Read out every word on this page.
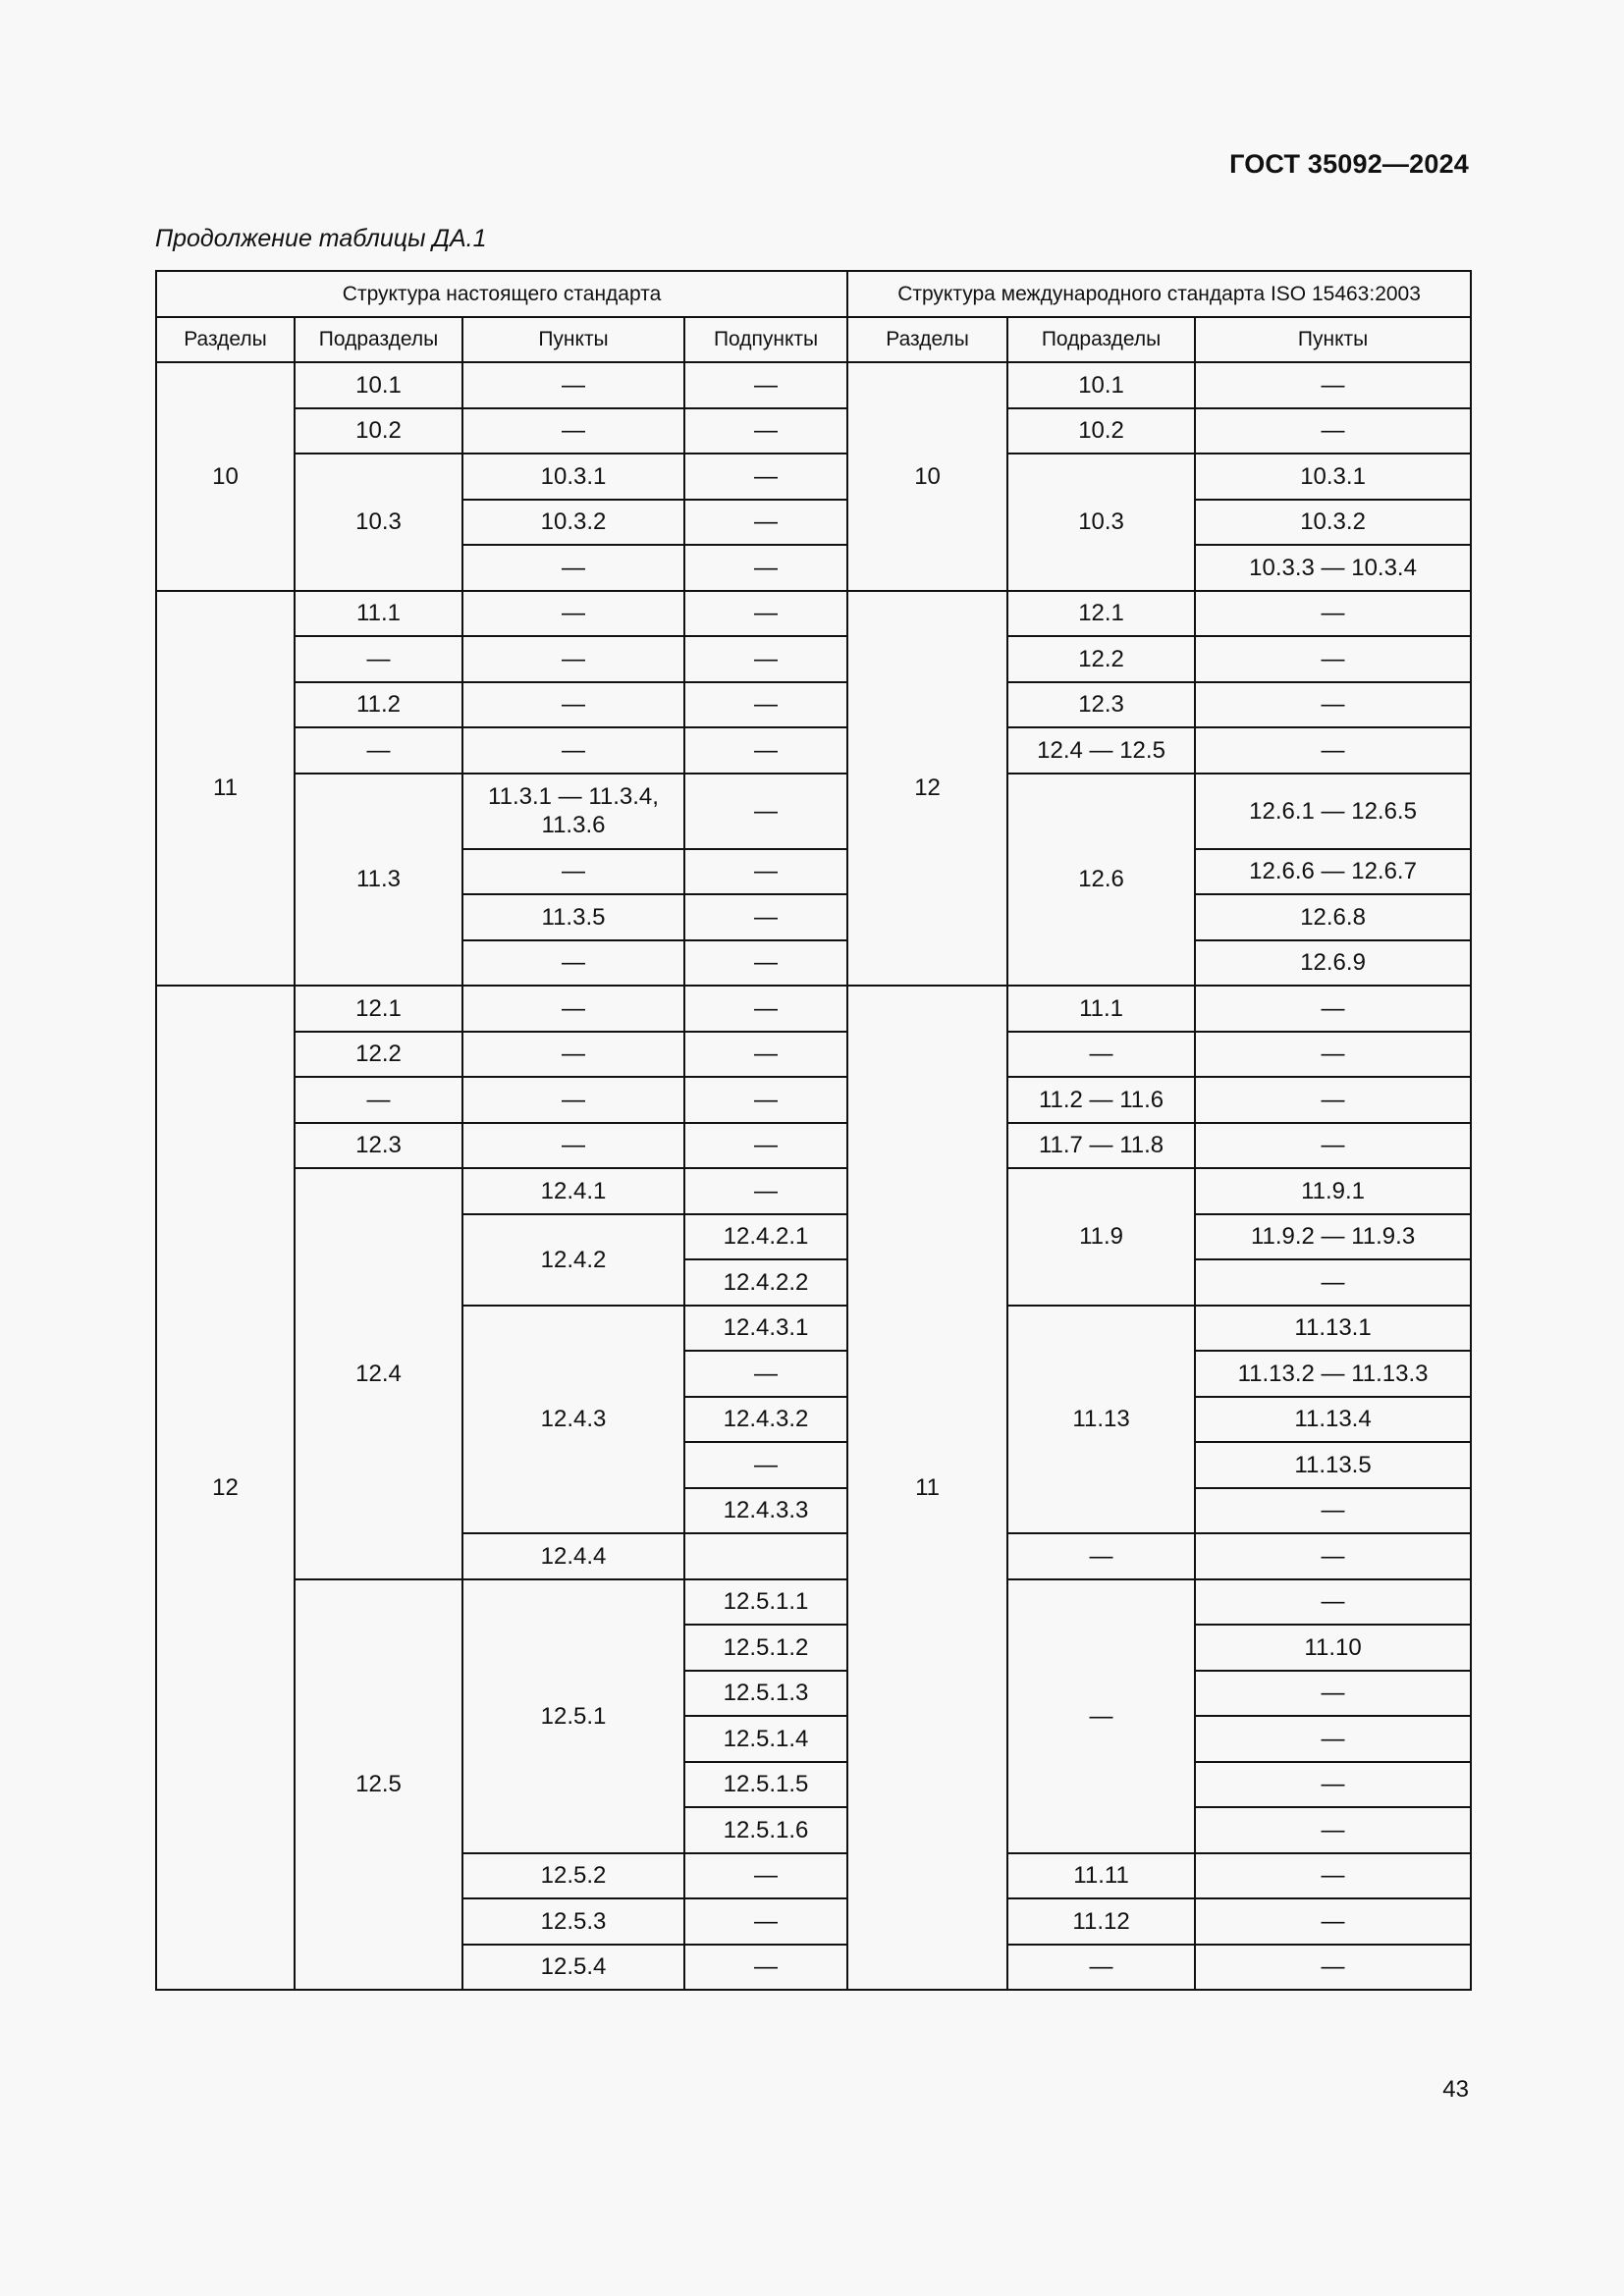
ГОСТ 35092—2024
Продолжение таблицы ДА.1
Структура настоящего стандарта				Структура международного стандарта ISO 15463:2003		
Разделы	Подразделы	Пункты	Подпункты	Разделы	Подразделы	Пункты
10	10.1	—	—	10	10.1	—
	10.2	—	—		10.2	—
	10.3	10.3.1	—		10.3	10.3.1
		10.3.2	—			10.3.2
		—	—			10.3.3 — 10.3.4
11	11.1	—	—	12	12.1	—
	—	—	—		12.2	—
	11.2	—	—		12.3	—
	—	—	—		12.4 — 12.5	—
	11.3	11.3.1 — 11.3.4, 11.3.6	—		12.6	12.6.1 — 12.6.5
		—	—			12.6.6 — 12.6.7
		11.3.5	—			12.6.8
		—	—			12.6.9
12	12.1	—	—	11	11.1	—
	12.2	—	—		—	—
	—	—	—		11.2 — 11.6	—
	12.3	—	—		11.7 — 11.8	—
	12.4	12.4.1	—		11.9	11.9.1
		12.4.2	12.4.2.1			11.9.2 — 11.9.3
			12.4.2.2			—
		12.4.3	12.4.3.1		11.13	11.13.1
			—			11.13.2 — 11.13.3
			12.4.3.2			11.13.4
			—			11.13.5
			12.4.3.3			—
		12.4.4			—	—
	12.5	12.5.1	12.5.1.1		—	—
			12.5.1.2			11.10
			12.5.1.3			—
			12.5.1.4			—
			12.5.1.5			—
			12.5.1.6			—
		12.5.2	—		11.11	—
		12.5.3	—		11.12	—
		12.5.4	—		—	—
43
